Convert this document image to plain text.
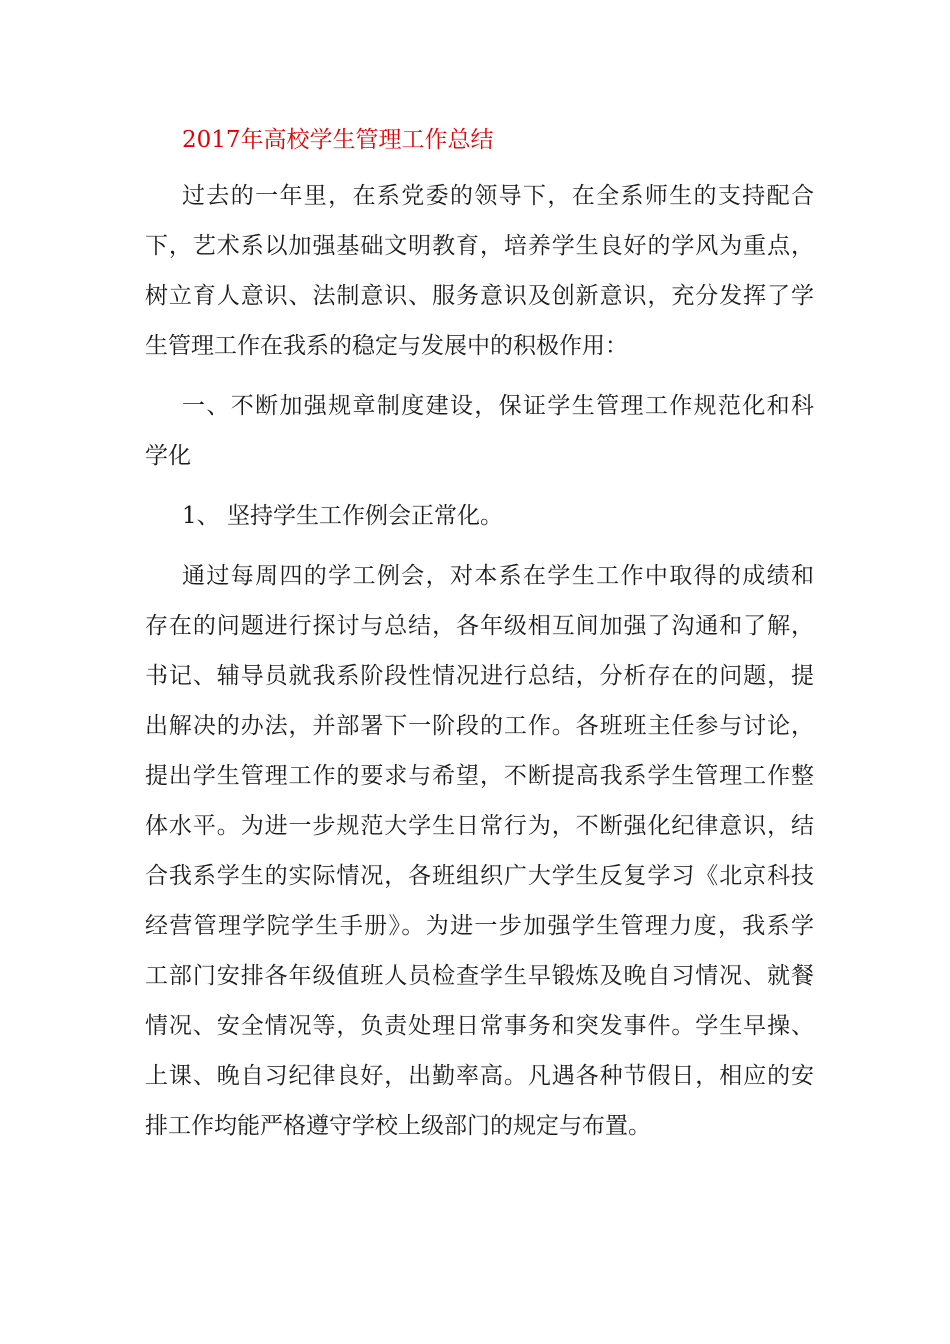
2017年高校学生管理工作总结
过去的一年里，在系党委的领导下，在全系师生的支持配合
下，艺术系以加强基础文明教育，培养学生良好的学风为重点，
树立育人意识、法制意识、服务意识及创新意识，充分发挥了学
生管理工作在我系的稳定与发展中的积极作用：
一、不断加强规章制度建设，保证学生管理工作规范化和科
学化
1、 坚持学生工作例会正常化。
通过每周四的学工例会，对本系在学生工作中取得的成绩和
存在的问题进行探讨与总结，各年级相互间加强了沟通和了解，
书记、辅导员就我系阶段性情况进行总结，分析存在的问题，提
出解决的办法，并部署下一阶段的工作。各班班主任参与讨论，
提出学生管理工作的要求与希望，不断提高我系学生管理工作整
体水平。为进一步规范大学生日常行为，不断强化纪律意识，结
合我系学生的实际情况，各班组织广大学生反复学习《北京科技
经营管理学院学生手册》。为进一步加强学生管理力度，我系学
工部门安排各年级值班人员检查学生早锻炼及晚自习情况、就餐
情况、安全情况等，负责处理日常事务和突发事件。学生早操、
上课、晚自习纪律良好，出勤率高。凡遇各种节假日，相应的安
排工作均能严格遵守学校上级部门的规定与布置。
